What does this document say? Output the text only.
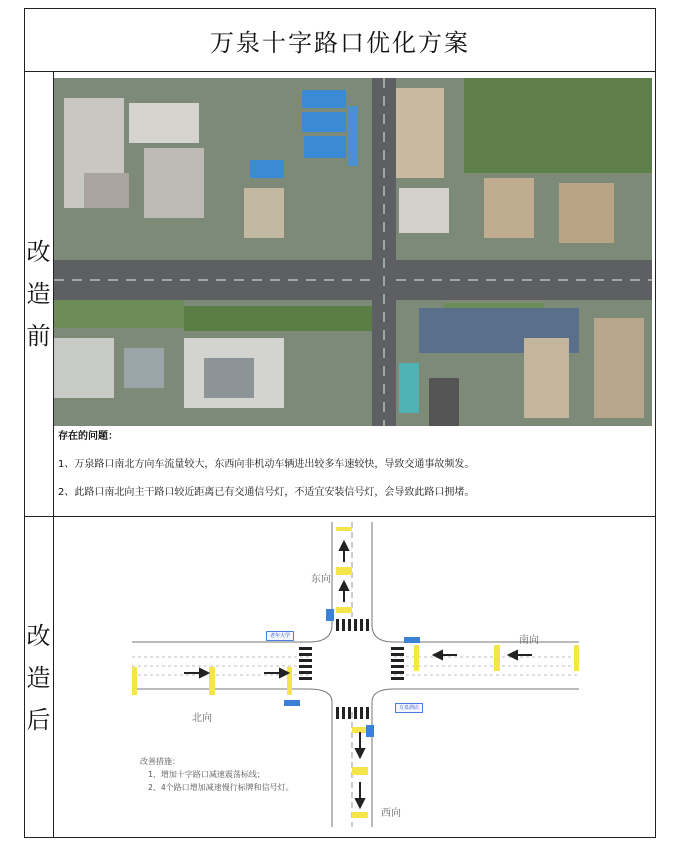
万泉十字路口优化方案
改
造
前
存在的问题：
1、万泉路口南北方向车流量较大，东西向非机动车辆进出较多车速较快，导致交通事故频发。
2、此路口南北向主干路口较近距离已有交通信号灯，不适宜安装信号灯，会导致此路口拥堵。
改
造
后
东向
南向
北向
西向
老年大学
万泉酒店
改善措施：
1、增加十字路口减速震荡标线；
2、4个路口增加减速慢行标牌和信号灯。
